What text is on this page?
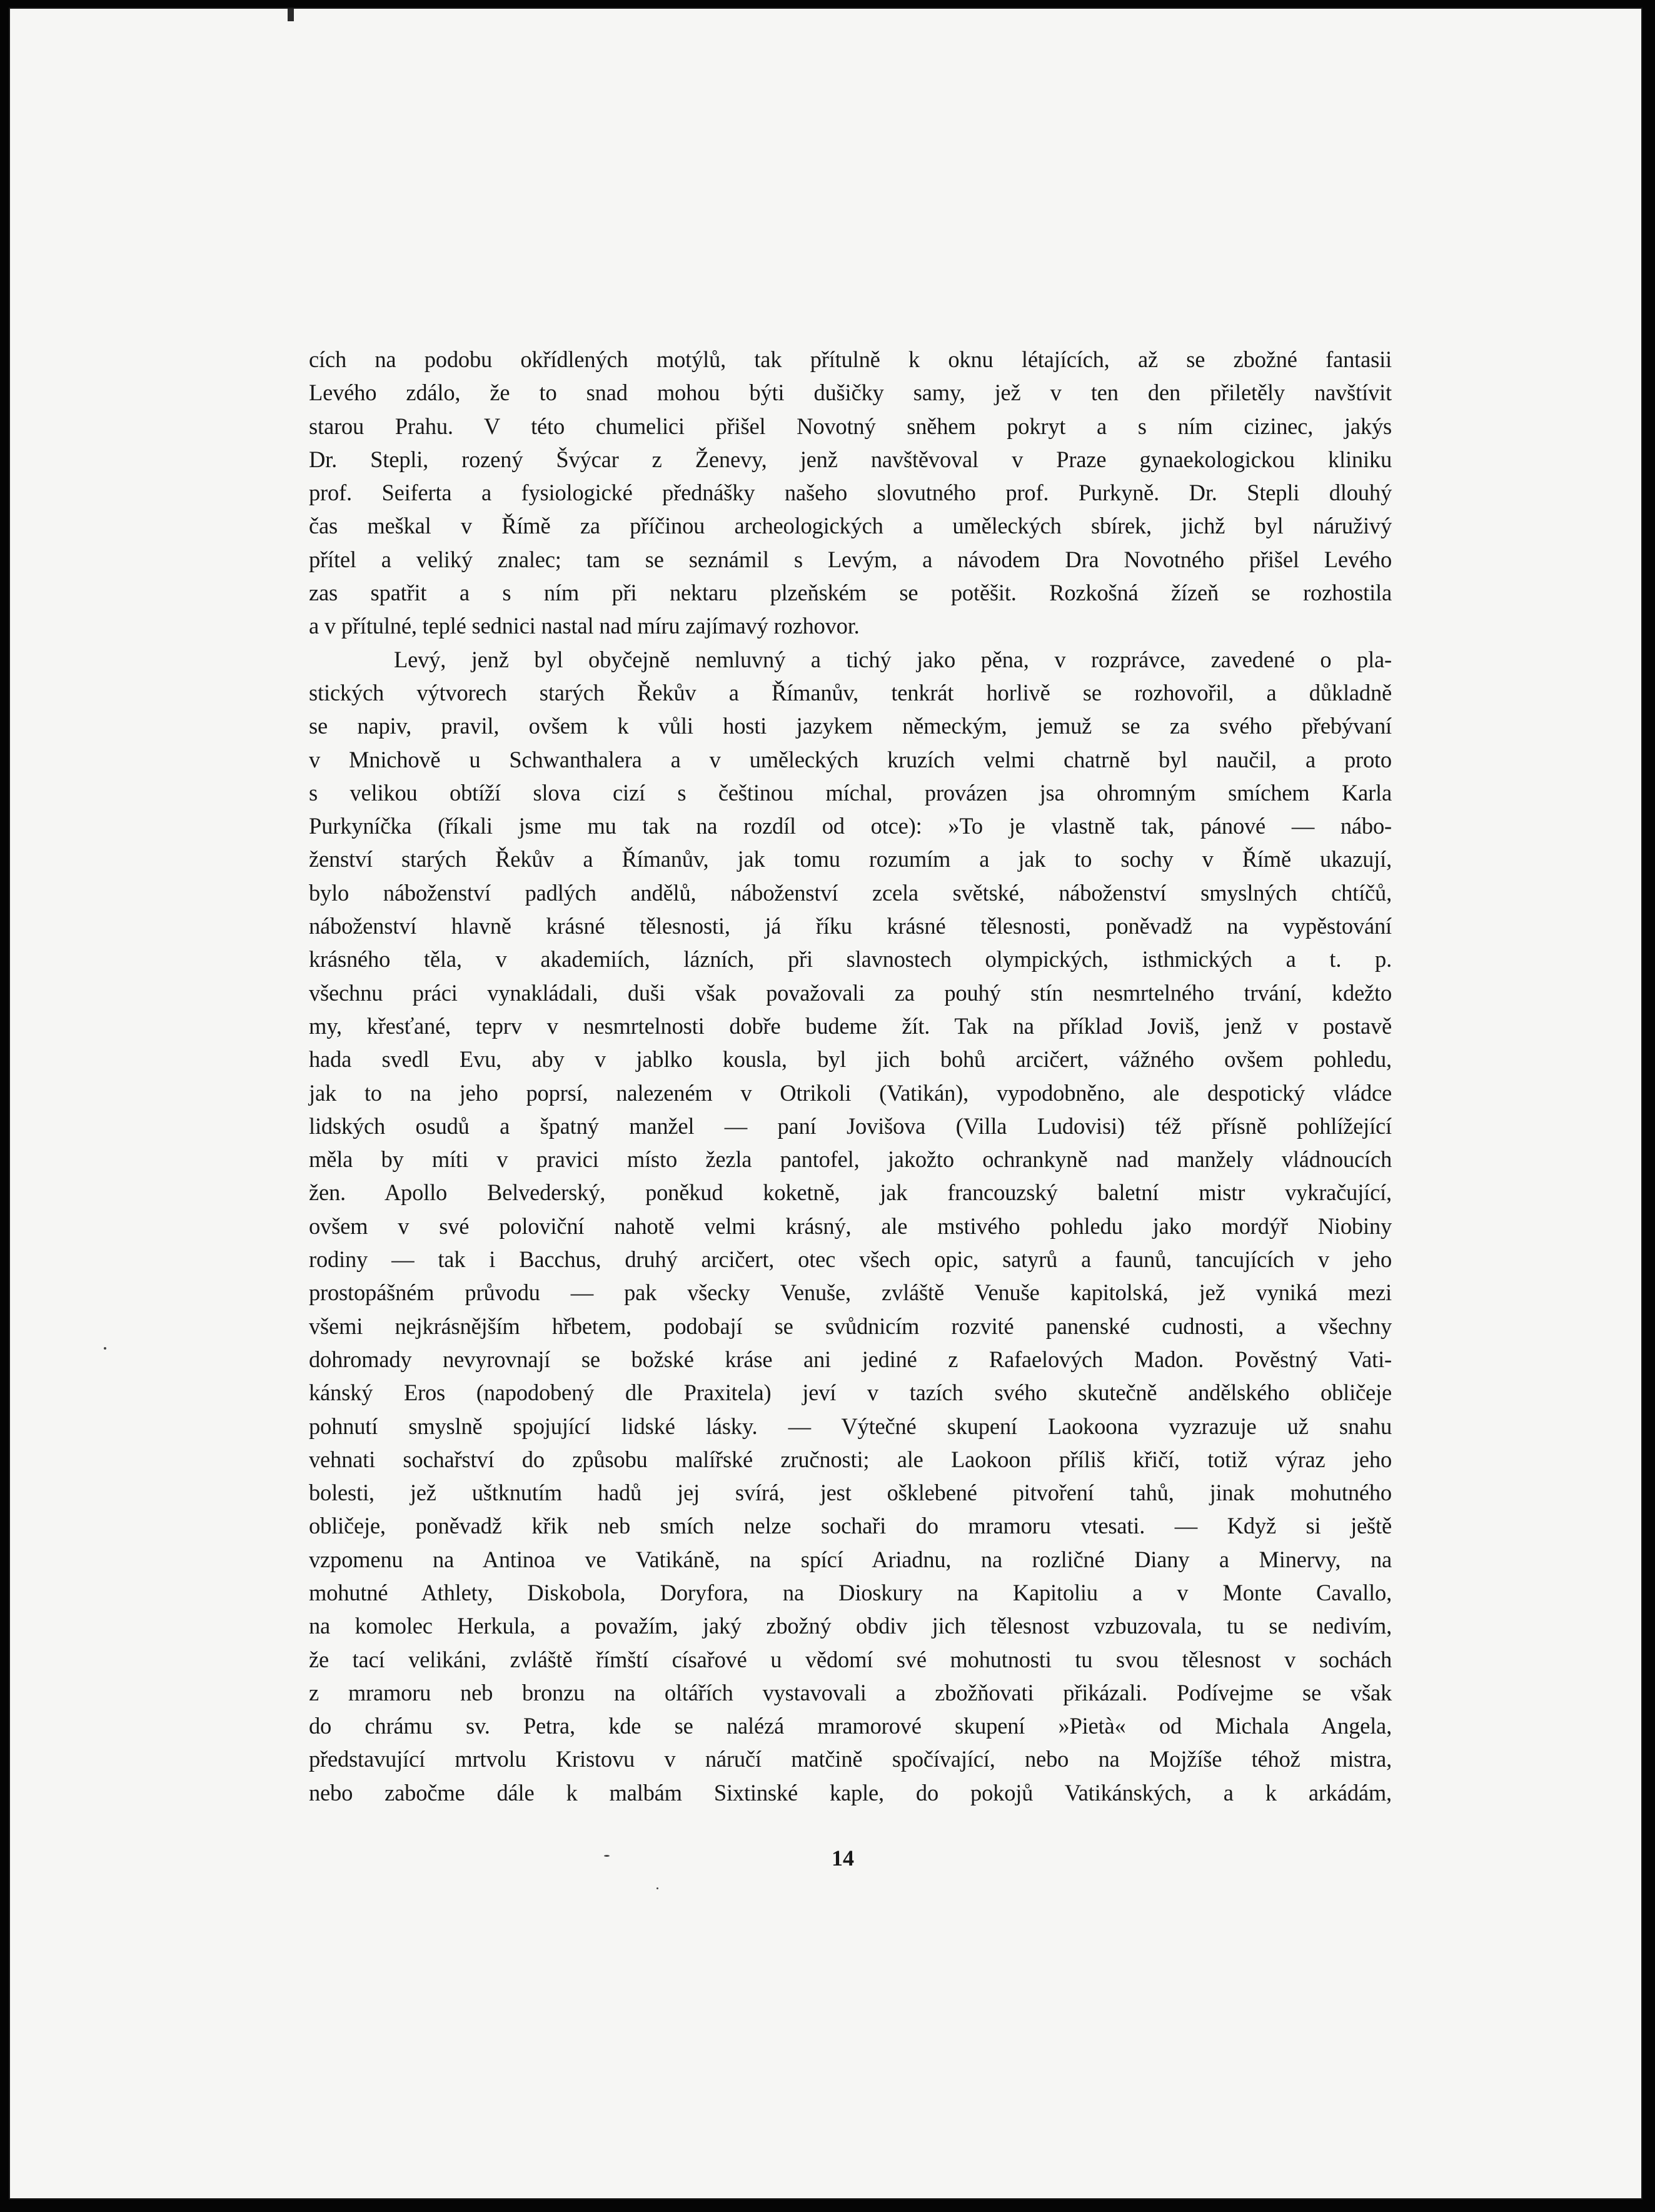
cích na podobu okřídlených motýlů, tak přítulně k oknu létajících, až se zbožné fantasii
Levého zdálo, že to snad mohou býti dušičky samy, jež v ten den přiletěly navštívit
starou Prahu. V této chumelici přišel Novotný sněhem pokryt a s ním cizinec, jakýs
Dr. Stepli, rozený Švýcar z Ženevy, jenž navštěvoval v Praze gynaekologickou kliniku
prof. Seiferta a fysiologické přednášky našeho slovutného prof. Purkyně. Dr. Stepli dlouhý
čas meškal v Římě za příčinou archeologických a uměleckých sbírek, jichž byl náruživý
přítel a veliký znalec; tam se seznámil s Levým, a návodem Dra Novotného přišel Levého
zas spatřit a s ním při nektaru plzeňském se potěšit. Rozkošná žízeň se rozhostila
a v přítulné, teplé sednici nastal nad míru zajímavý rozhovor.
Levý, jenž byl obyčejně nemluvný a tichý jako pěna, v rozprávce, zavedené o pla-
stických výtvorech starých Řekův a Římanův, tenkrát horlivě se rozhovořil, a důkladně
se napiv, pravil, ovšem k vůli hosti jazykem německým, jemuž se za svého přebývaní
v Mnichově u Schwanthalera a v uměleckých kruzích velmi chatrně byl naučil, a proto
s velikou obtíží slova cizí s češtinou míchal, provázen jsa ohromným smíchem Karla
Purkyníčka (říkali jsme mu tak na rozdíl od otce): »To je vlastně tak, pánové — nábo-
ženství starých Řekův a Římanův, jak tomu rozumím a jak to sochy v Římě ukazují,
bylo náboženství padlých andělů, náboženství zcela světské, náboženství smyslných chtíčů,
náboženství hlavně krásné tělesnosti, já říku krásné tělesnosti, poněvadž na vypěstování
krásného těla, v akademiích, lázních, při slavnostech olympických, isthmických a t. p.
všechnu práci vynakládali, duši však považovali za pouhý stín nesmrtelného trvání, kdežto
my, křesťané, teprv v nesmrtelnosti dobře budeme žít. Tak na příklad Joviš, jenž v postavě
hada svedl Evu, aby v jablko kousla, byl jich bohů arcičert, vážného ovšem pohledu,
jak to na jeho poprsí, nalezeném v Otrikoli (Vatikán), vypodobněno, ale despotický vládce
lidských osudů a špatný manžel — paní Jovišova (Villa Ludovisi) též přísně pohlížející
měla by míti v pravici místo žezla pantofel, jakožto ochrankyně nad manžely vládnoucích
žen. Apollo Belvederský, poněkud koketně, jak francouzský baletní mistr vykračující,
ovšem v své poloviční nahotě velmi krásný, ale mstivého pohledu jako mordýř Niobiny
rodiny — tak i Bacchus, druhý arcičert, otec všech opic, satyrů a faunů, tancujících v jeho
prostopášném průvodu — pak všecky Venuše, zvláště Venuše kapitolská, jež vyniká mezi
všemi nejkrásnějším hřbetem, podobají se svůdnicím rozvité panenské cudnosti, a všechny
dohromady nevyrovnají se božské kráse ani jediné z Rafaelových Madon. Pověstný Vati-
kánský Eros (napodobený dle Praxitela) jeví v tazích svého skutečně andělského obličeje
pohnutí smyslně spojující lidské lásky. — Výtečné skupení Laokoona vyzrazuje už snahu
vehnati sochařství do způsobu malířské zručnosti; ale Laokoon příliš křičí, totiž výraz jeho
bolesti, jež uštknutím hadů jej svírá, jest ošklebené pitvoření tahů, jinak mohutného
obličeje, poněvadž křik neb smích nelze sochaři do mramoru vtesati. — Když si ještě
vzpomenu na Antinoa ve Vatikáně, na spící Ariadnu, na rozličné Diany a Minervy, na
mohutné Athlety, Diskobola, Doryfora, na Dioskury na Kapitoliu a v Monte Cavallo,
na komolec Herkula, a považím, jaký zbožný obdiv jich tělesnost vzbuzovala, tu se nedivím,
že tací velikáni, zvláště římští císařové u vědomí své mohutnosti tu svou tělesnost v sochách
z mramoru neb bronzu na oltářích vystavovali a zbožňovati přikázali. Podívejme se však
do chrámu sv. Petra, kde se nalézá mramorové skupení »Pietà« od Michala Angela,
představující mrtvolu Kristovu v náručí matčině spočívající, nebo na Mojžíše téhož mistra,
nebo zabočme dále k malbám Sixtinské kaple, do pokojů Vatikánských, a k arkádám,
14
